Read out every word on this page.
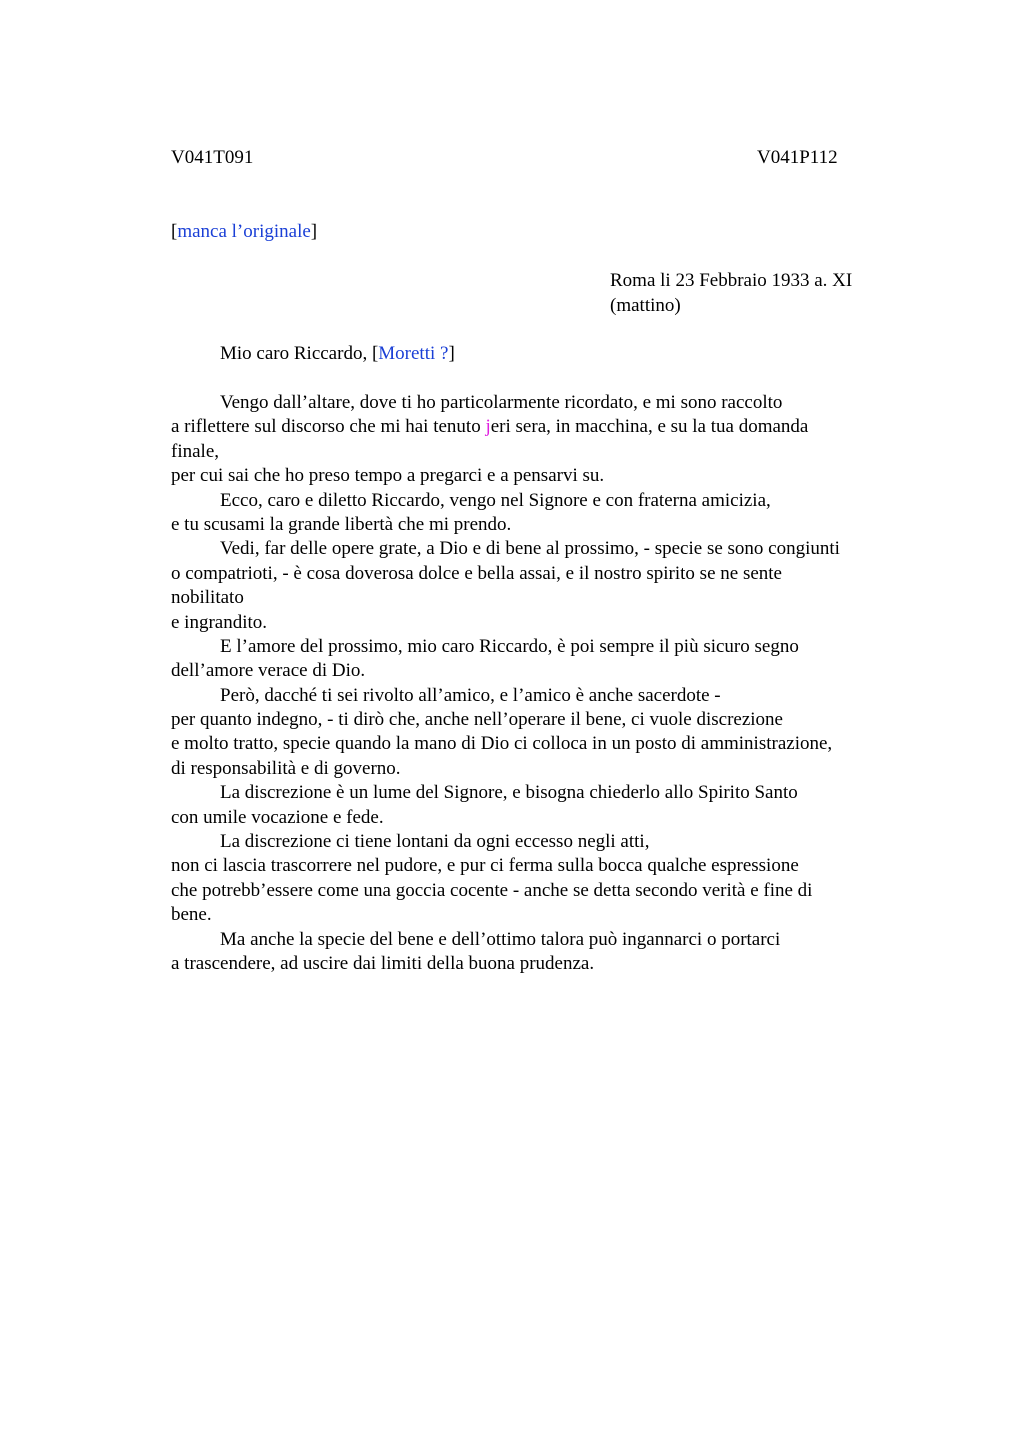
V041T091	V041P112
[manca l’originale]
Roma li 23 Febbraio 1933 a. XI
(mattino)
Mio caro Riccardo, [Moretti ?]
Vengo dall’altare, dove ti ho particolarmente ricordato, e mi sono raccolto
a riflettere sul discorso che mi hai tenuto jeri sera, in macchina, e su la tua domanda
finale,
per cui sai che ho preso tempo a pregarci e a pensarvi su.
Ecco, caro e diletto Riccardo, vengo nel Signore e con fraterna amicizia,
e tu scusami la grande libertà che mi prendo.
Vedi, far delle opere grate, a Dio e di bene al prossimo, - specie se sono congiunti
o compatrioti, - è cosa doverosa dolce e bella assai, e il nostro spirito se ne sente
nobilitato
e ingrandito.
E l’amore del prossimo, mio caro Riccardo, è poi sempre il più sicuro segno
dell’amore verace di Dio.
Però, dacché ti sei rivolto all’amico, e l’amico è anche sacerdote -
per quanto indegno, - ti dirò che, anche nell’operare il bene, ci vuole discrezione
e molto tratto, specie quando la mano di Dio ci colloca in un posto di amministrazione,
di responsabilità e di governo.
La discrezione è un lume del Signore, e bisogna chiederlo allo Spirito Santo
con umile vocazione e fede.
La discrezione ci tiene lontani da ogni eccesso negli atti,
non ci lascia trascorrere nel pudore, e pur ci ferma sulla bocca qualche espressione
che potrebb’essere come una goccia cocente - anche se detta secondo verità e fine di
bene.
Ma anche la specie del bene e dell’ottimo talora può ingannarci o portarci
a trascendere, ad uscire dai limiti della buona prudenza.
